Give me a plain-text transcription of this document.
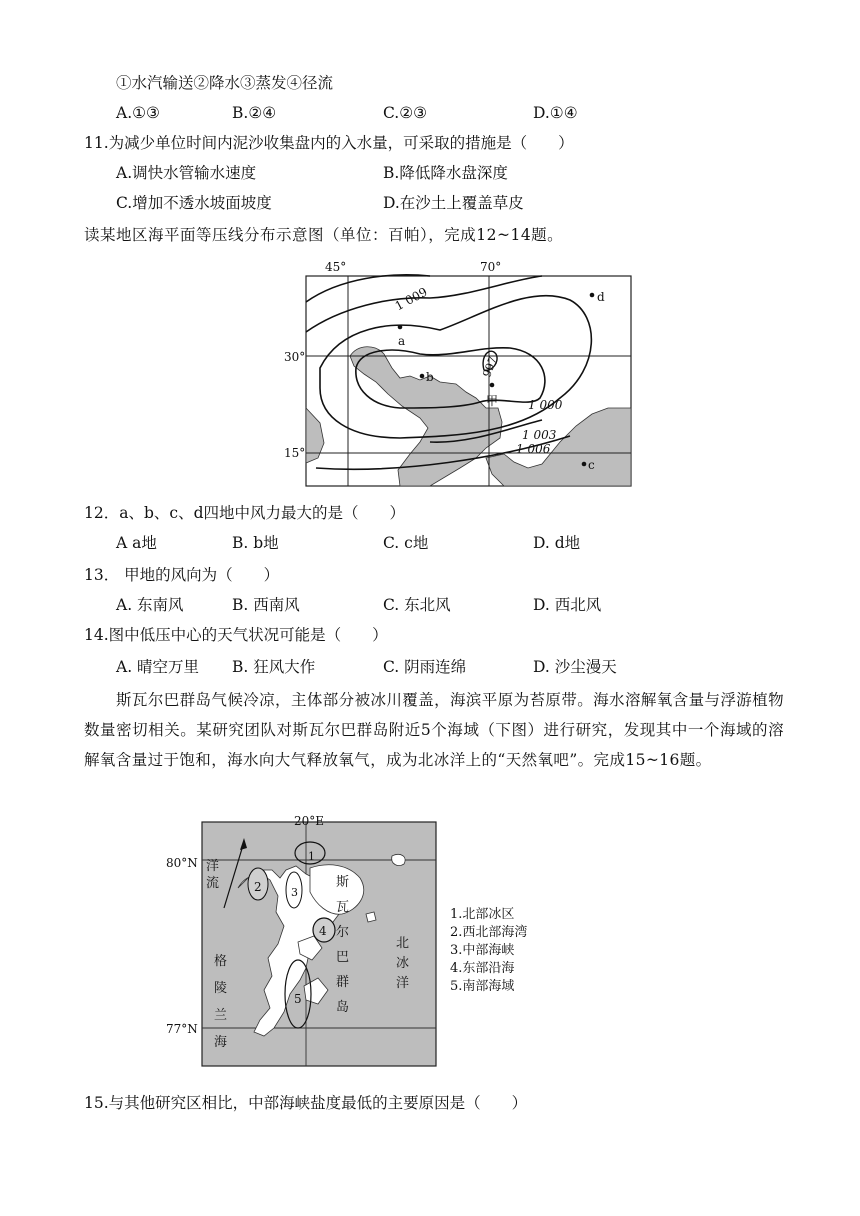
①水汽输送②降水③蒸发④径流
A.①③	B.②④	C.②③	D.①④
11.为减少单位时间内泥沙收集盘内的入水量，可采取的措施是（　　）
A.调快水管输水速度	B.降低降水盘深度
C.增加不透水坡面坡度	D.在沙土上覆盖草皮
读某地区海平面等压线分布示意图（单位：百帕），完成12~14题。
45°	70°
30°
15°
1 009
997
1 000
1 003
1 006
a
b
c
d
甲
12．a、b、c、d四地中风力最大的是（　　）
A a地	B. b地	C. c地	D. d地
13． 甲地的风向为（　　）
A. 东南风	B. 西南风	C. 东北风	D. 西北风
14.图中低压中心的天气状况可能是（　　）
A. 晴空万里 B. 狂风大作	C. 阴雨连绵	D. 沙尘漫天
斯瓦尔巴群岛气候冷凉，主体部分被冰川覆盖，海滨平原为苔原带。海水溶解氧含量与浮游植物数量密切相关。某研究团队对斯瓦尔巴群岛附近5个海域（下图）进行研究，发现其中一个海域的溶解氧含量过于饱和，海水向大气释放氧气，成为北冰洋上的“天然氧吧”。完成15~16题。
20°E
80°N
77°N
洋流
格陵兰海
北冰洋
斯瓦尔巴群岛
1
2	3
4
5
1.北部冰区
2.西北部海湾
3.中部海峡
4.东部沿海
5.南部海域
15.与其他研究区相比，中部海峡盐度最低的主要原因是（　　）
